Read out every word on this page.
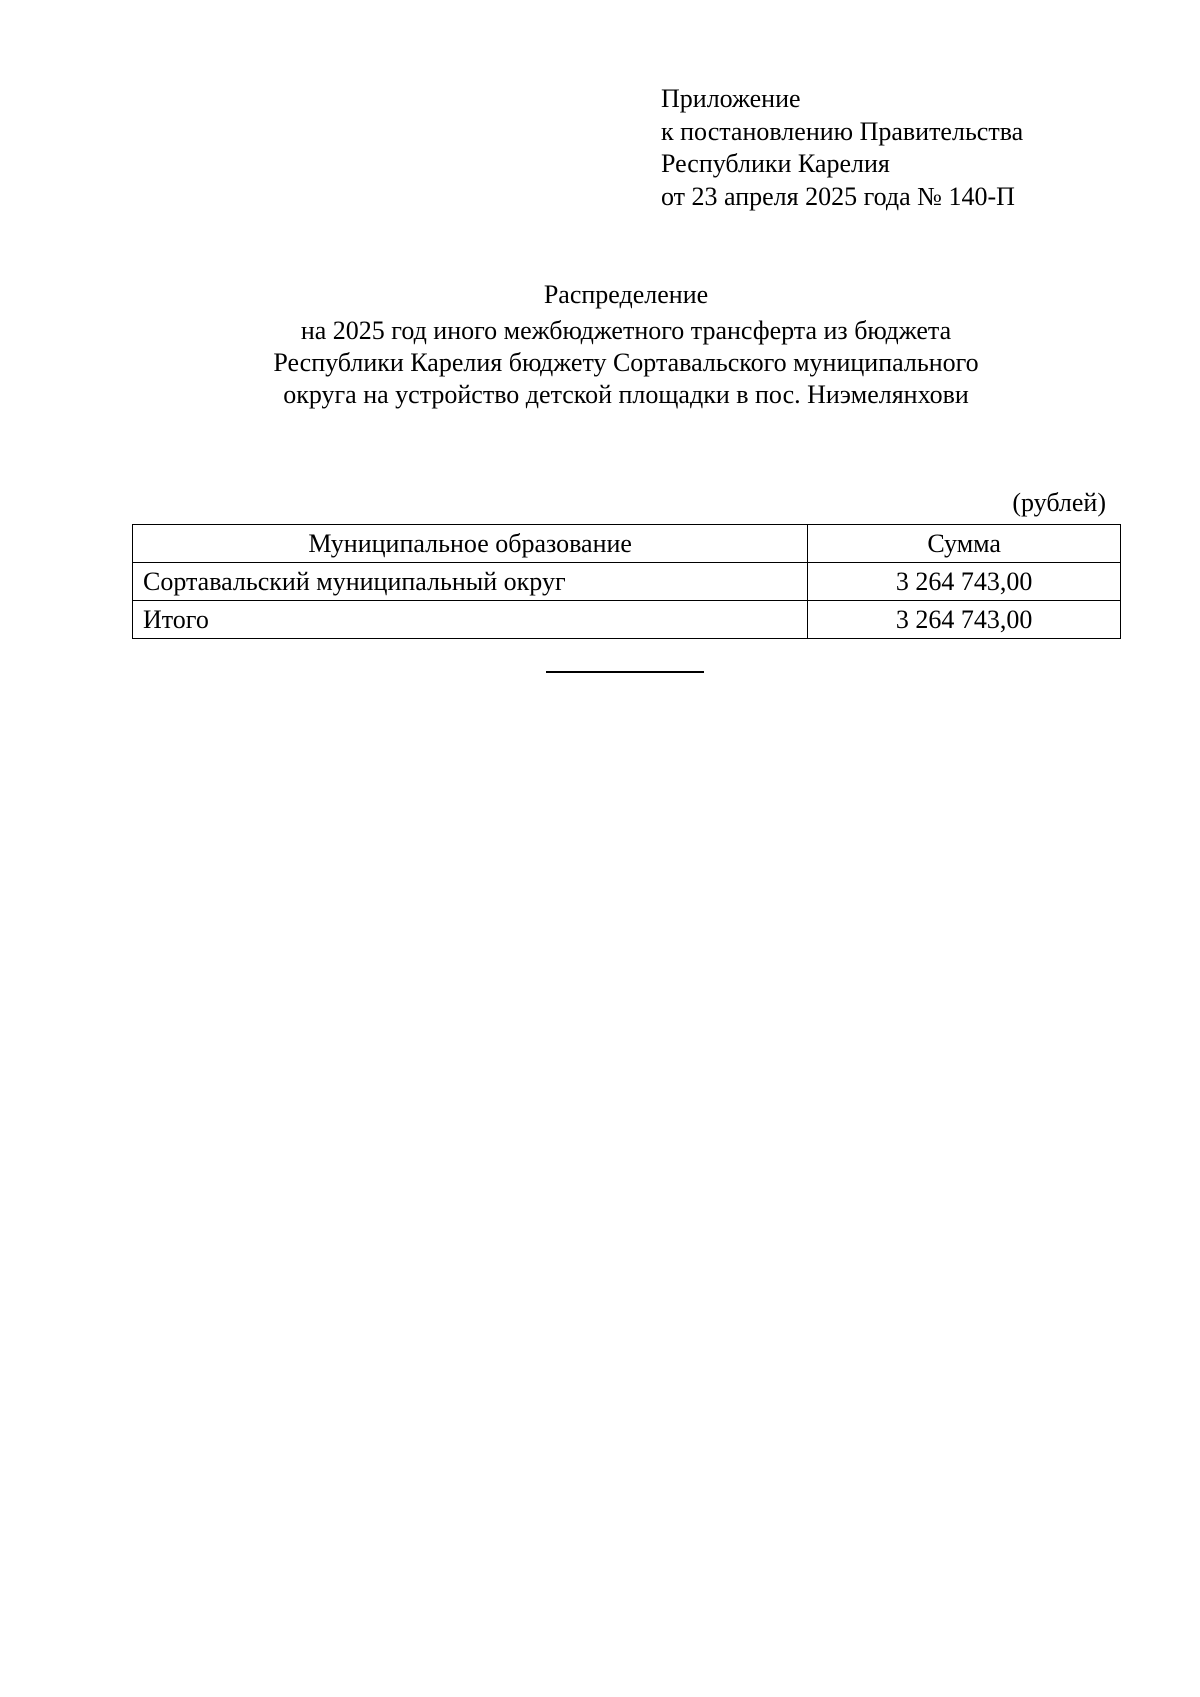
Приложение
к постановлению Правительства
Республики Карелия
от 23 апреля 2025 года № 140-П
Распределение
на 2025 год иного межбюджетного трансферта из бюджета
Республики Карелия бюджету Сортавальского муниципального
округа на устройство детской площадки в пос. Ниэмелянхови
(рублей)
Муниципальное образование	Сумма
Сортавальский муниципальный округ	3 264 743,00
Итого	3 264 743,00
